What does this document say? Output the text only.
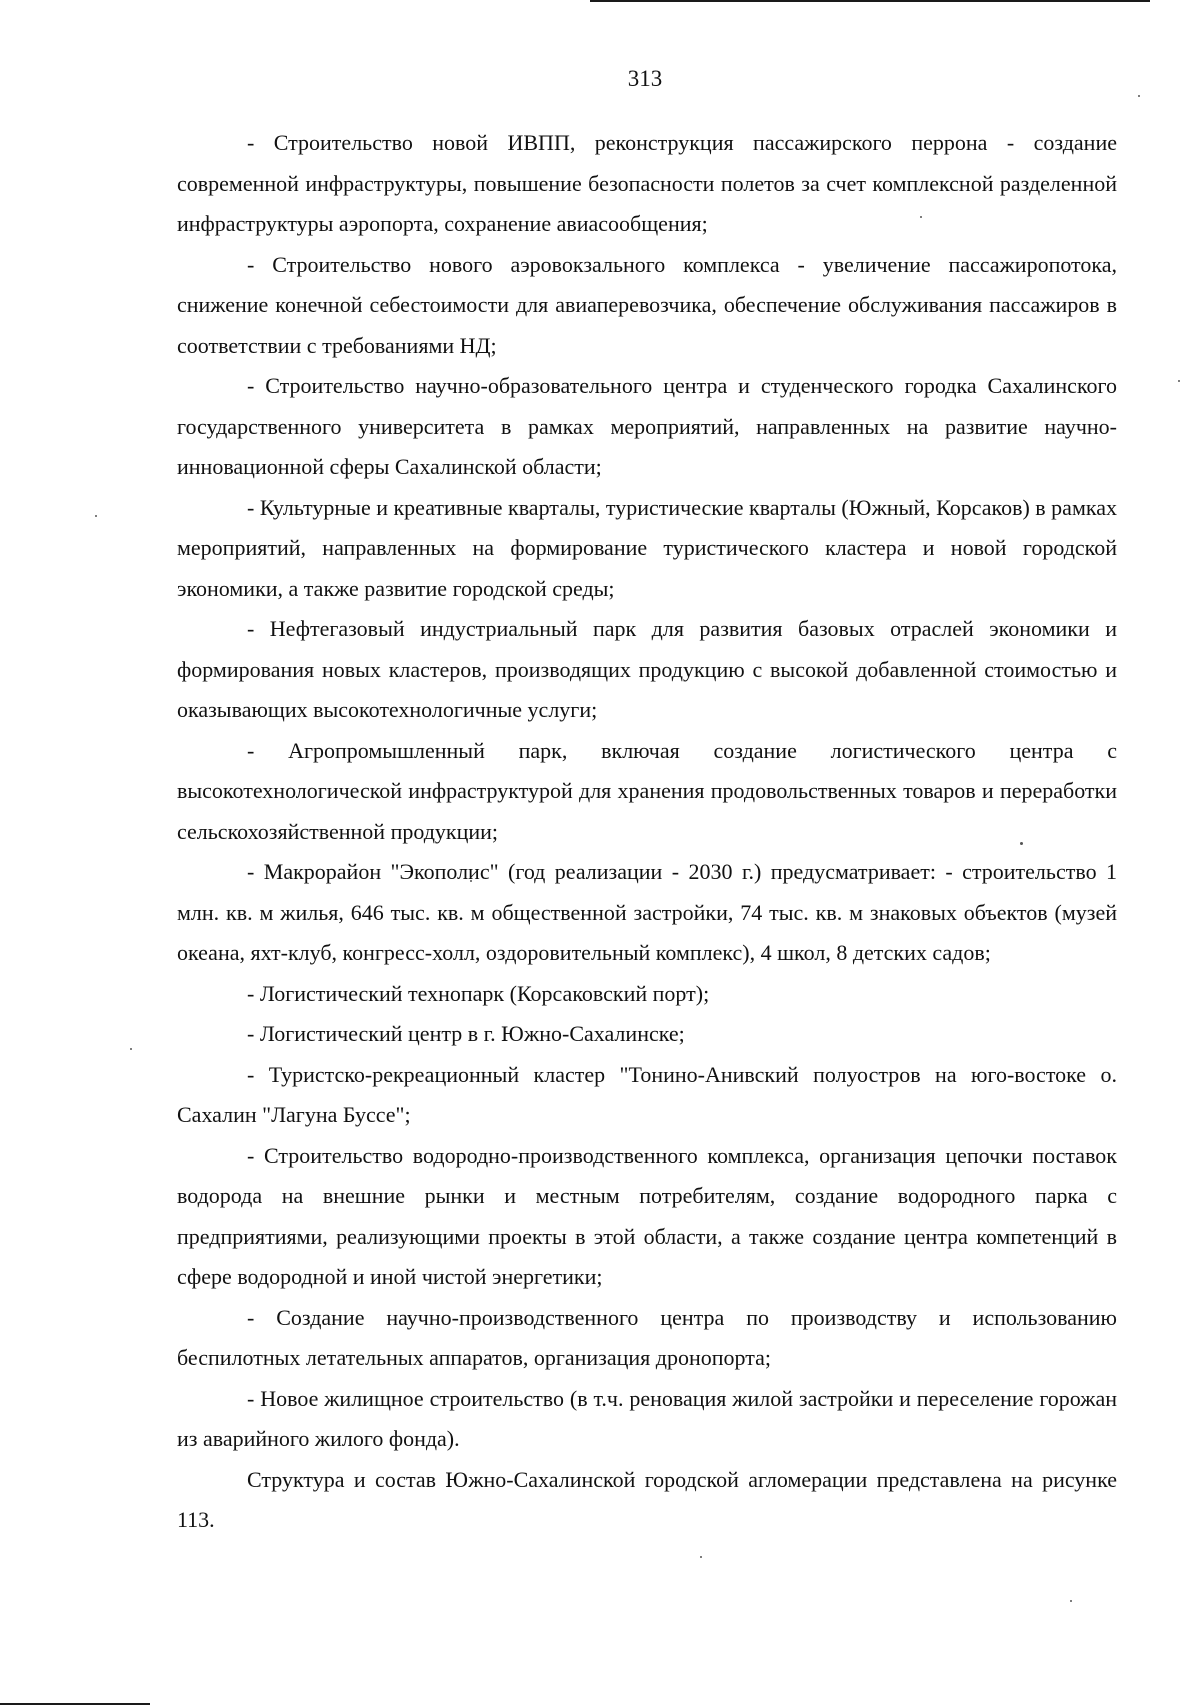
313

- Строительство новой ИВПП, реконструкция пассажирского перрона - создание современной инфраструктуры, повышение безопасности полетов за счет комплексной разделенной инфраструктуры аэропорта, сохранение авиасообщения;

- Строительство нового аэровокзального комплекса - увеличение пассажиропотока, снижение конечной себестоимости для авиаперевозчика, обеспечение обслуживания пассажиров в соответствии с требованиями НД;

- Строительство научно-образовательного центра и студенческого городка Сахалинского государственного университета в рамках мероприятий, направленных на развитие научно-инновационной сферы Сахалинской области;

- Культурные и креативные кварталы, туристические кварталы (Южный, Корсаков) в рамках мероприятий, направленных на формирование туристического кластера и новой городской экономики, а также развитие городской среды;

- Нефтегазовый индустриальный парк для развития базовых отраслей экономики и формирования новых кластеров, производящих продукцию с высокой добавленной стоимостью и оказывающих высокотехнологичные услуги;

- Агропромышленный парк, включая создание логистического центра с высокотехнологической инфраструктурой для хранения продовольственных товаров и переработки сельскохозяйственной продукции;

- Макрорайон "Экополис" (год реализации - 2030 г.) предусматривает: - строительство 1 млн. кв. м жилья, 646 тыс. кв. м общественной застройки, 74 тыс. кв. м знаковых объектов (музей океана, яхт-клуб, конгресс-холл, оздоровительный комплекс), 4 школ, 8 детских садов;

- Логистический технопарк (Корсаковский порт);

- Логистический центр в г. Южно-Сахалинске;

- Туристско-рекреационный кластер "Тонино-Анивский полуостров на юго-востоке о. Сахалин "Лагуна Буссе";

- Строительство водородно-производственного комплекса, организация цепочки поставок водорода на внешние рынки и местным потребителям, создание водородного парка с предприятиями, реализующими проекты в этой области, а также создание центра компетенций в сфере водородной и иной чистой энергетики;

- Создание научно-производственного центра по производству и использованию беспилотных летательных аппаратов, организация дронопорта;

- Новое жилищное строительство (в т.ч. реновация жилой застройки и переселение горожан из аварийного жилого фонда).

Структура и состав Южно-Сахалинской городской агломерации представлена на рисунке 113.
